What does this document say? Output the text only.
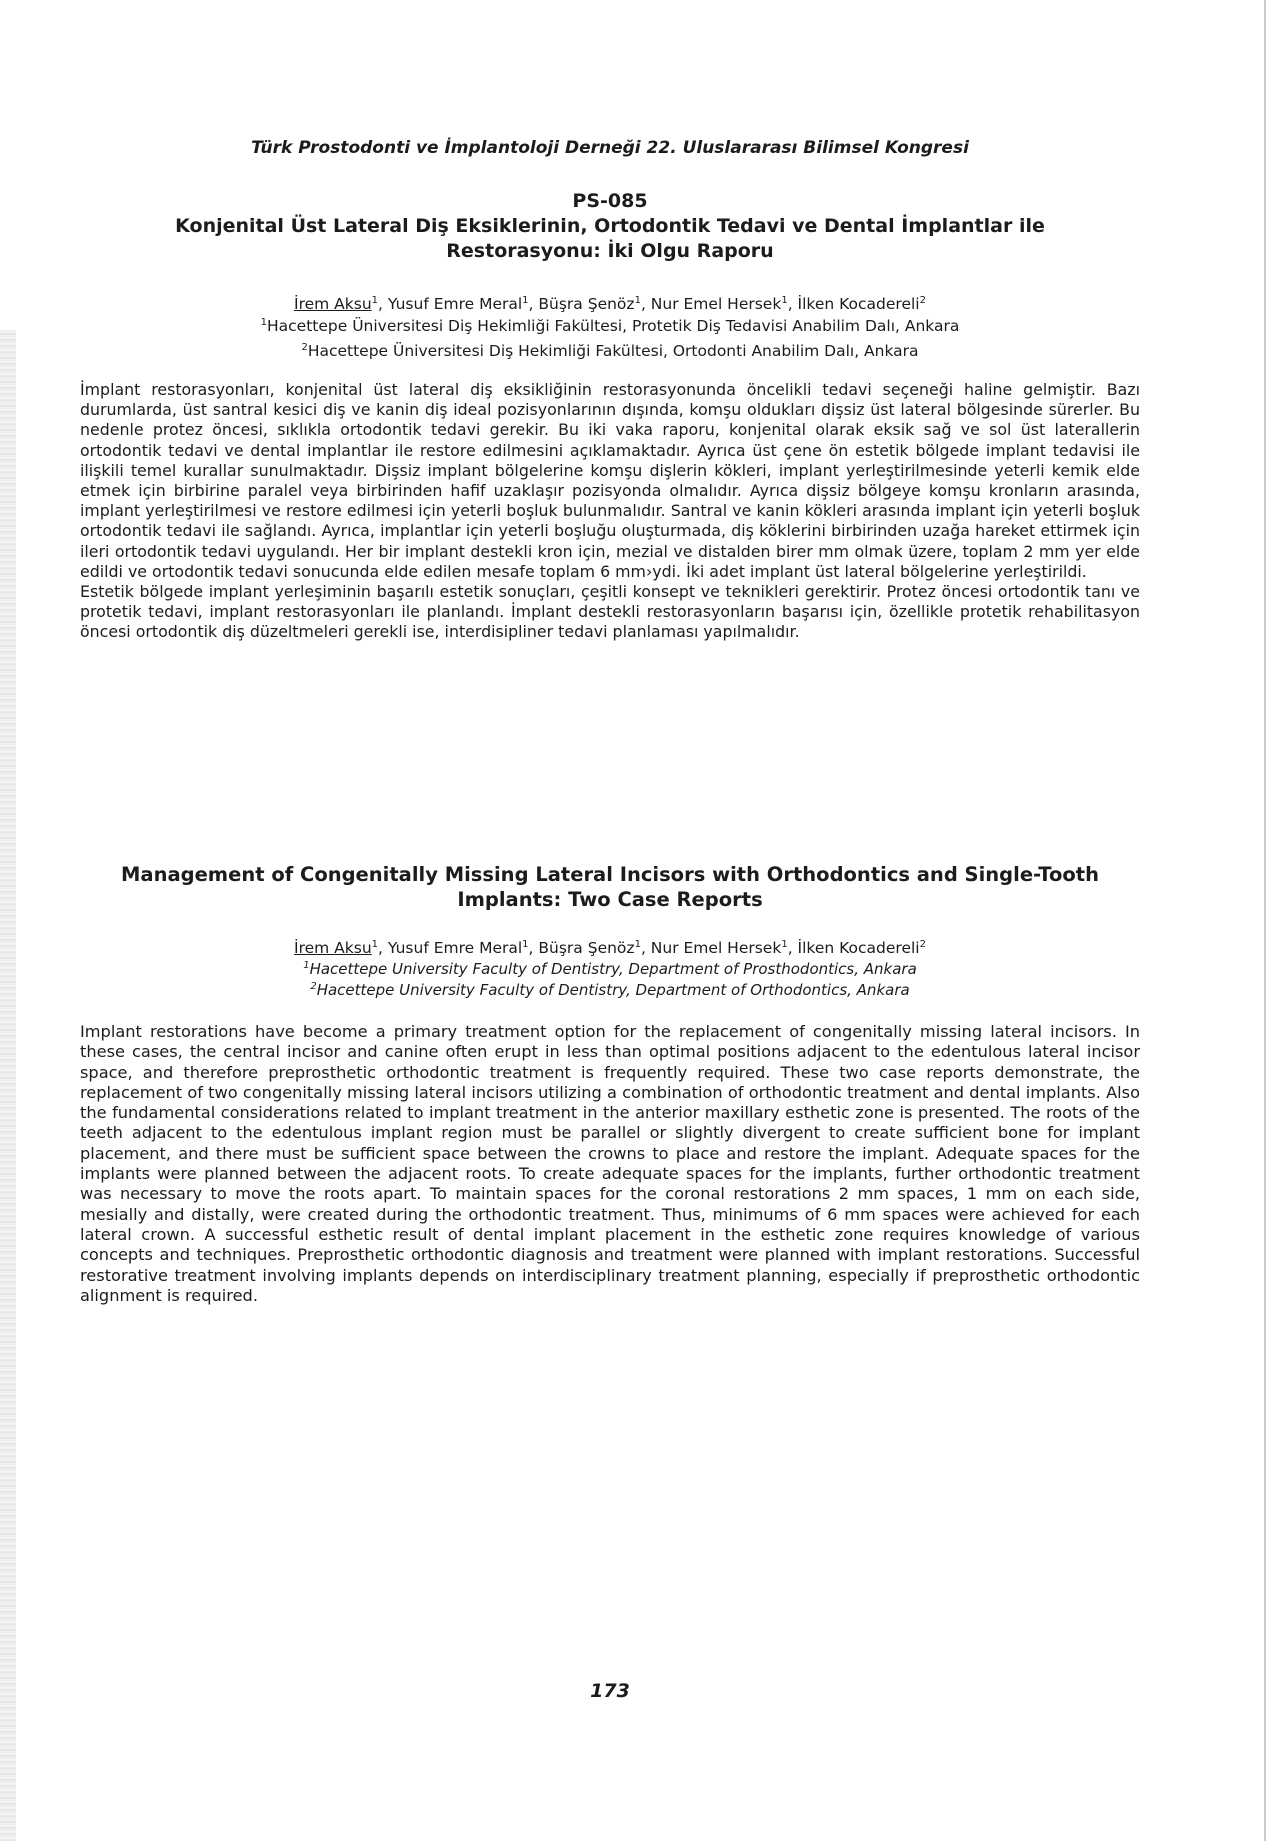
Türk Prostodonti ve İmplantoloji Derneği 22. Uluslararası Bilimsel Kongresi
PS-085
Konjenital Üst Lateral Diş Eksiklerinin, Ortodontik Tedavi ve Dental İmplantlar ile Restorasyonu: İki Olgu Raporu
İrem Aksu$^1$, Yusuf Emre Meral$^1$, Büşra Şenöz$^1$, Nur Emel Hersek$^1$, İlken Kocadereli$^2$
$^1$Hacettepe Üniversitesi Diş Hekimliği Fakültesi, Protetik Diş Tedavisi Anabilim Dalı, Ankara
$^2$Hacettepe Üniversitesi Diş Hekimliği Fakültesi, Ortodonti Anabilim Dalı, Ankara

İmplant restorasyonları, konjenital üst lateral diş eksikliğinin restorasyonunda öncelikli tedavi seçeneği haline gelmiştir. Bazı durumlarda, üst santral kesici diş ve kanin diş ideal pozisyonlarının dışında, komşu oldukları dişsiz üst lateral bölgesinde sürerler. Bu nedenle protez öncesi, sıklıkla ortodontik tedavi gerekir. Bu iki vaka raporu, konjenital olarak eksik sağ ve sol üst laterallerin ortodontik tedavi ve dental implantlar ile restore edilmesini açıklamaktadır. Ayrıca üst çene ön estetik bölgede implant tedavisi ile ilişkili temel kurallar sunulmaktadır. Dişsiz implant bölgelerine komşu dişlerin kökleri, implant yerleştirilmesinde yeterli kemik elde etmek için birbirine paralel veya birbirinden hafif uzaklaşır pozisyonda olmalıdır. Ayrıca dişsiz bölgeye komşu kronların arasında, implant yerleştirilmesi ve restore edilmesi için yeterli boşluk bulunmalıdır. Santral ve kanin kökleri arasında implant için yeterli boşluk ortodontik tedavi ile sağlandı. Ayrıca, implantlar için yeterli boşluğu oluşturmada, diş köklerini birbirinden uzağa hareket ettirmek için ileri ortodontik tedavi uygulandı. Her bir implant destekli kron için, mezial ve distalden birer mm olmak üzere, toplam 2 mm yer elde edildi ve ortodontik tedavi sonucunda elde edilen mesafe toplam 6 mm›ydi. İki adet implant üst lateral bölgelerine yerleştirildi.

Estetik bölgede implant yerleşiminin başarılı estetik sonuçları, çeşitli konsept ve teknikleri gerektirir. Protez öncesi ortodontik tanı ve protetik tedavi, implant restorasyonları ile planlandı. İmplant destekli restorasyonların başarısı için, özellikle protetik rehabilitasyon öncesi ortodontik diş düzeltmeleri gerekli ise, interdisipliner tedavi planlaması yapılmalıdır.

Management of Congenitally Missing Lateral Incisors with Orthodontics and Single-Tooth Implants: Two Case Reports
İrem Aksu$^1$, Yusuf Emre Meral$^1$, Büşra Şenöz$^1$, Nur Emel Hersek$^1$, İlken Kocadereli$^2$
$^1$Hacettepe University Faculty of Dentistry, Department of Prosthodontics, Ankara
$^2$Hacettepe University Faculty of Dentistry, Department of Orthodontics, Ankara

Implant restorations have become a primary treatment option for the replacement of congenitally missing lateral incisors. In these cases, the central incisor and canine often erupt in less than optimal positions adjacent to the edentulous lateral incisor space, and therefore preprosthetic orthodontic treatment is frequently required. These two case reports demonstrate, the replacement of two congenitally missing lateral incisors utilizing a combination of orthodontic treatment and dental implants. Also the fundamental considerations related to implant treatment in the anterior maxillary esthetic zone is presented. The roots of the teeth adjacent to the edentulous implant region must be parallel or slightly divergent to create sufficient bone for implant placement, and there must be sufficient space between the crowns to place and restore the implant. Adequate spaces for the implants were planned between the adjacent roots. To create adequate spaces for the implants, further orthodontic treatment was necessary to move the roots apart. To maintain spaces for the coronal restorations 2 mm spaces, 1 mm on each side, mesially and distally, were created during the orthodontic treatment. Thus, minimums of 6 mm spaces were achieved for each lateral crown. A successful esthetic result of dental implant placement in the esthetic zone requires knowledge of various concepts and techniques. Preprosthetic orthodontic diagnosis and treatment were planned with implant restorations. Successful restorative treatment involving implants depends on interdisciplinary treatment planning, especially if preprosthetic orthodontic alignment is required.

173
